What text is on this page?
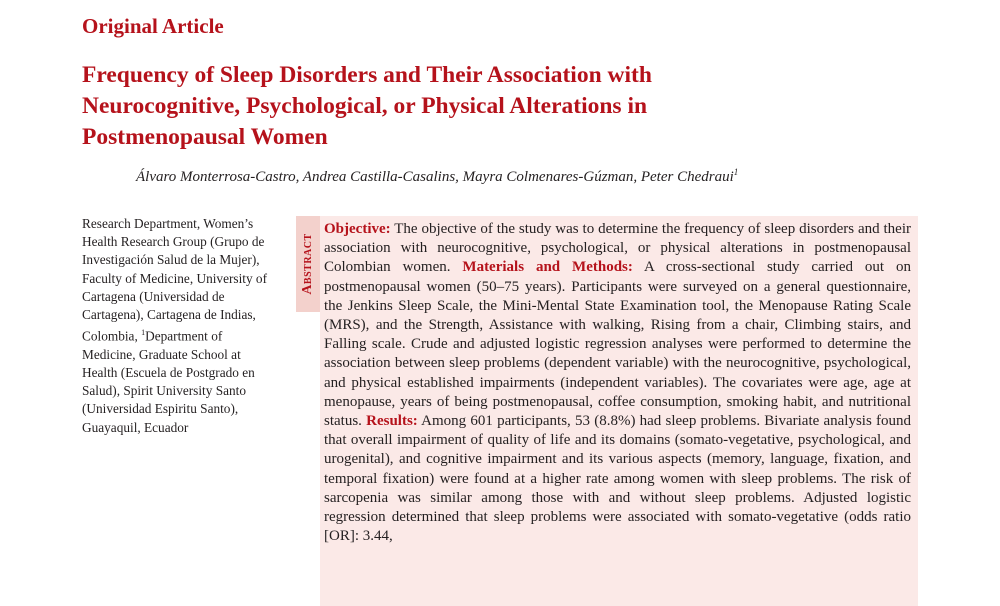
Original Article
Frequency of Sleep Disorders and Their Association with Neurocognitive, Psychological, or Physical Alterations in Postmenopausal Women

Álvaro Monterrosa-Castro, Andrea Castilla-Casalins, Mayra Colmenares-Gúzman, Peter Chedraui$^1$

Research Department, Women’s Health Research Group (Grupo de Investigación Salud de la Mujer), Faculty of Medicine, University of Cartagena (Universidad de Cartagena), Cartagena de Indias, Colombia, $^1$Department of Medicine, Graduate School at Health (Escuela de Postgrado en Salud), Spirit University Santo (Universidad Espiritu Santo), Guayaquil, Ecuador

Abstract

Objective: The objective of the study was to determine the frequency of sleep disorders and their association with neurocognitive, psychological, or physical alterations in postmenopausal Colombian women. Materials and Methods: A cross-sectional study carried out on postmenopausal women (50–75 years). Participants were surveyed on a general questionnaire, the Jenkins Sleep Scale, the Mini-Mental State Examination tool, the Menopause Rating Scale (MRS), and the Strength, Assistance with walking, Rising from a chair, Climbing stairs, and Falling scale. Crude and adjusted logistic regression analyses were performed to determine the association between sleep problems (dependent variable) with the neurocognitive, psychological, and physical established impairments (independent variables). The covariates were age, age at menopause, years of being postmenopausal, coffee consumption, smoking habit, and nutritional status. Results: Among 601 participants, 53 (8.8%) had sleep problems. Bivariate analysis found that overall impairment of quality of life and its domains (somato-vegetative, psychological, and urogenital), and cognitive impairment and its various aspects (memory, language, fixation, and temporal fixation) were found at a higher rate among women with sleep problems. The risk of sarcopenia was similar among those with and without sleep problems. Adjusted logistic regression determined that sleep problems were associated with somato-vegetative (odds ratio [OR]: 3.44,
